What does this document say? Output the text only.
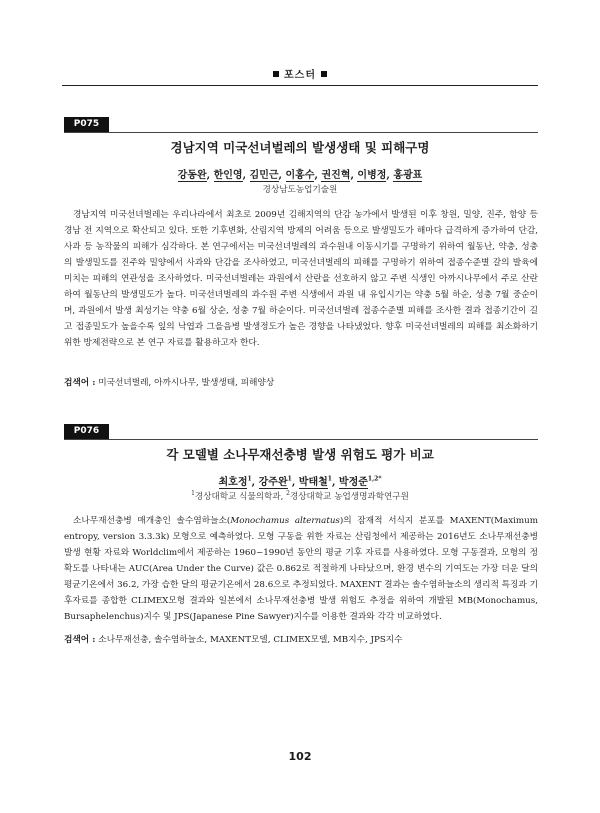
포스터
P075
경남지역 미국선녀벌레의 발생생태 및 피해구명
강동완, 한인영, 김민근, 이홍수, 권진혁, 이병정, 홍광표
경상남도농업기술원

경남지역 미국선녀벌레는 우리나라에서 최초로 2009년 김해지역의 단감 농가에서 발생된 이후 창원, 밀양, 진주, 함양 등 경남 전 지역으로 확산되고 있다. 또한 기후변화, 산림지역 방제의 어려움 등으로 발생밀도가 해마다 급격하게 증가하여 단감, 사과 등 농작물의 피해가 심각하다. 본 연구에서는 미국선녀벌레의 과수원내 이동시기를 구명하기 위하여 월동난, 약충, 성충의 발생밀도를 진주와 밀양에서 사과와 단감을 조사하였고, 미국선녀벌레의 피해를 구명하기 위하여 접종수준별 갈의 발육에 미치는 피해의 연관성을 조사하였다. 미국선녀벌레는 과원에서 산란을 선호하지 않고 주변 식생인 아까시나무에서 주로 산란하여 월동난의 발생밀도가 높다. 미국선녀벌레의 과수원 주변 식생에서 과원 내 유입시기는 약충 5월 하순, 성충 7월 중순이며, 과원에서 발생 최성기는 약충 6월 상순, 성충 7월 하순이다. 미국선녀벌레 접종수준별 피해를 조사한 결과 접종기간이 길고 접종밀도가 높을수록 잎의 낙엽과 그을음병 발생정도가 높은 경향을 나타냈었다. 향후 미국선녀벌레의 피해를 최소화하기 위한 방제전략으로 본 연구 자료를 활용하고자 한다.

검색어 : 미국선녀벌레, 아까시나무, 발생생태, 피해양상
P076
각 모델별 소나무재선충병 발생 위험도 평가 비교
최호정$^1$, 강주완$^1$, 박태철$^1$, 박정준$^{1,2*}$
$^1$경상대학교 식물의학과, $^2$경상대학교 농업생명과학연구원

소나무재선충병 매개충인 솔수염하늘소(Monochamus alternatus)의 잠재적 서식지 분포를 MAXENT(Maximum entropy, version 3.3.3k) 모형으로 예측하였다. 모형 구동을 위한 자료는 산림청에서 제공하는 2016년도 소나무재선충병 발생 현황 자료와 Worldclim에서 제공하는 1960~1990년 동안의 평균 기후 자료를 사용하였다. 모형 구동결과, 모형의 정확도를 나타내는 AUC(Area Under the Curve) 값은 0.862로 적절하게 나타났으며, 환경 변수의 기여도는 가장 더운 달의 평균기온에서 36.2, 가장 습한 달의 평균기온에서 28.6으로 추정되었다. MAXENT 결과는 솔수염하늘소의 생리적 특징과 기후자료를 종합한 CLIMEX모형 결과와 일본에서 소나무재선충병 발생 위험도 추정을 위하여 개발된 MB(Monochamus, Bursaphelenchus)지수 및 JPS(Japanese Pine Sawyer)지수를 이용한 결과와 각각 비교하였다.

검색어 : 소나무재선충, 솔수염하늘소, MAXENT모델, CLIMEX모델, MB지수, JPS지수
102
